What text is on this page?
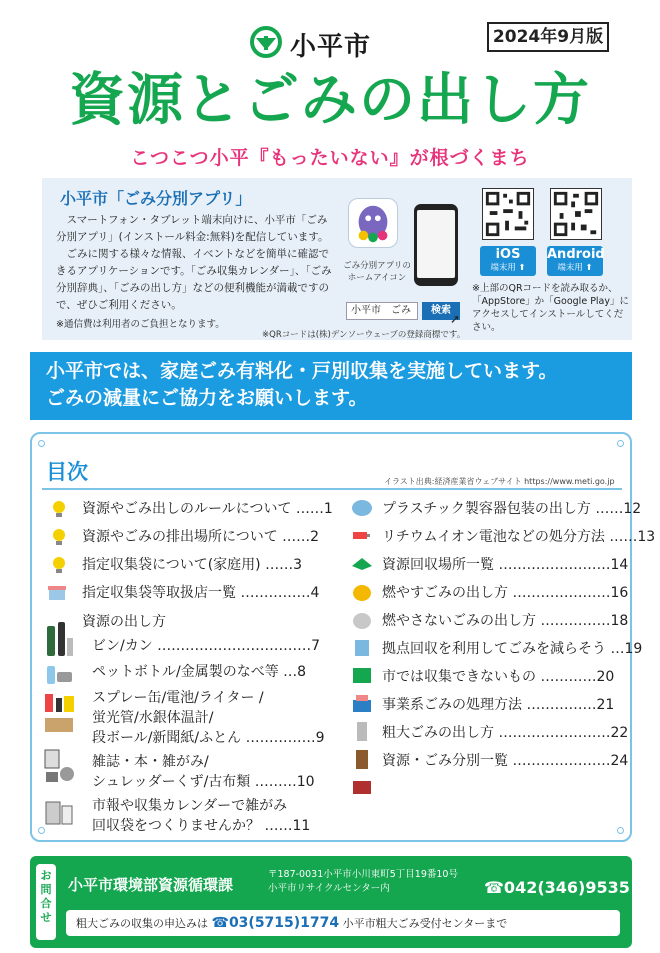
小平市	2024年9月版
資源とごみの出し方
こつこつ小平『もったいない』が根づくまち
小平市「ごみ分別アプリ」

スマートフォン・タブレット端末向けに、小平市「ごみ分別アプリ」(インストール料金:無料)を配信しています。

ごみに関する様々な情報、イベントなどを簡単に確認できるアプリケーションです。「ごみ収集カレンダー」、「ごみ分別辞典」、「ごみの出し方」などの便利機能が満載ですので、ぜひご利用ください。

※通信費は利用者のご負担となります。
ごみ分別アプリの ホームアイコン
小平市　ごみ	検索
➚
iOS
端末用 ⬆
Android
端末用 ⬆
※上部のQRコードを読み取るか、「AppStore」か「Google Play」にアクセスしてインストールしてください。
※QRコードは(株)デンソーウェーブの登録商標です。
小平市では、家庭ごみ有料化・戸別収集を実施しています。
ごみの減量にご協力をお願いします。
目次	イラスト出典:経済産業省ウェブサイト https://www.meti.go.jp
資源やごみ出しのルールについて ……1
資源やごみの排出場所について ……2
指定収集袋について(家庭用) ……3
指定収集袋等取扱店一覧 ……………4
資源の出し方
ビン/カン ……………………………7
ペットボトル/金属製のなべ等 …8
スプレー缶/電池/ライター /
蛍光管/水銀体温計/
段ボール/新聞紙/ふとん ……………9
雑誌・本・雑がみ/
シュレッダーくず/古布類 ………10
市報や収集カレンダーで雑がみ
回収袋をつくりませんか？ ……11
プラスチック製容器包装の出し方 ……12
リチウムイオン電池などの処分方法 ……13
資源回収場所一覧 ……………………14
燃やすごみの出し方 …………………16
燃やさないごみの出し方 ……………18
拠点回収を利用してごみを減らそう …19
市では収集できないもの …………20
事業系ごみの処理方法 ……………21
粗大ごみの出し方 ……………………22
資源・ごみ分別一覧 …………………24
お問合せ
小平市環境部資源循環課
〒187-0031小平市小川東町5丁目19番10号
小平市リサイクルセンター内	☎042(346)9535
粗大ごみの収集の申込みは ☎03(5715)1774 小平市粗大ごみ受付センターまで
